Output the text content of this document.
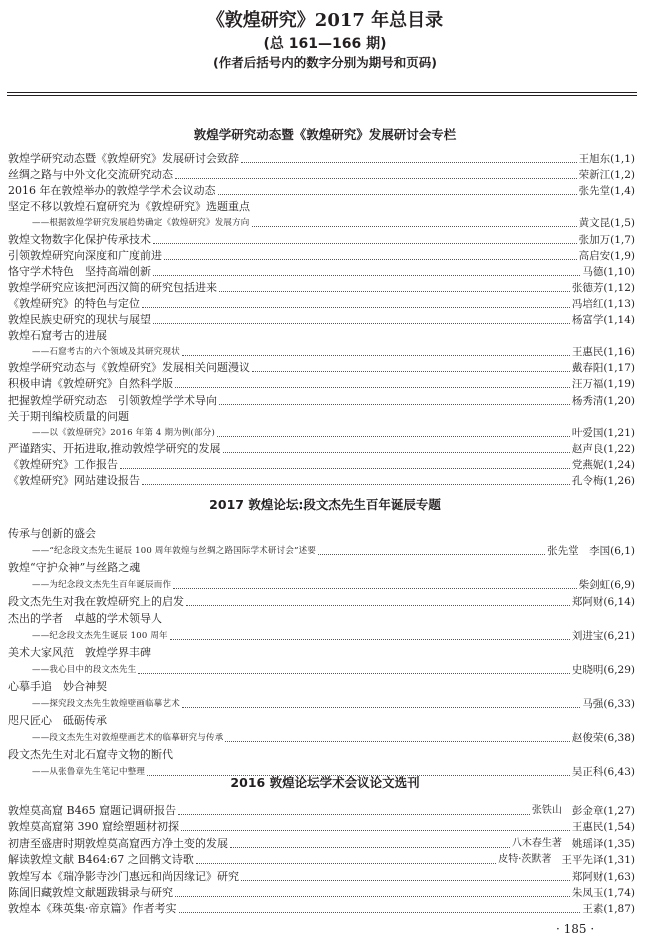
《敦煌研究》2017 年总目录
(总 161—166 期)
(作者后括号内的数字分别为期号和页码)
敦煌学研究动态暨《敦煌研究》发展研讨会专栏
敦煌学研究动态暨《敦煌研究》发展研讨会致辞	王旭东(1,1)
丝绸之路与中外文化交流研究动态	荣新江(1,2)
2016 年在敦煌举办的敦煌学学术会议动态	张先堂(1,4)
坚定不移以敦煌石窟研究为《敦煌研究》选题重点
——根据敦煌学研究发展趋势确定《敦煌研究》发展方向	黄文昆(1,5)
敦煌文物数字化保护传承技术	张加万(1,7)
引领敦煌研究向深度和广度前进	高启安(1,9)
恪守学术特色　坚持高端创新	马德(1,10)
敦煌学研究应该把河西汉简的研究包括进来	张德芳(1,12)
《敦煌研究》的特色与定位	冯培红(1,13)
敦煌民族史研究的现状与展望	杨富学(1,14)
敦煌石窟考古的进展
——石窟考古的六个领域及其研究现状	王惠民(1,16)
敦煌学研究动态与《敦煌研究》发展相关问题漫议	戴春阳(1,17)
积极申请《敦煌研究》自然科学版	汪万福(1,19)
把握敦煌学研究动态　引领敦煌学学术导向	杨秀清(1,20)
关于期刊编校质量的问题
——以《敦煌研究》2016 年第 4 期为例(部分)	叶爱国(1,21)
严谨踏实、开拓进取,推动敦煌学研究的发展	赵声良(1,22)
《敦煌研究》工作报告	党燕妮(1,24)
《敦煌研究》网站建设报告	孔令梅(1,26)
2017 敦煌论坛:段文杰先生百年诞辰专题
传承与创新的盛会
——“纪念段文杰先生诞辰 100 周年敦煌与丝绸之路国际学术研讨会”述要	张先堂　李国(6,1)
敦煌“守护众神”与丝路之魂
——为纪念段文杰先生百年诞辰而作	柴剑虹(6,9)
段文杰先生对我在敦煌研究上的启发	郑阿财(6,14)
杰出的学者　卓越的学术领导人
——纪念段文杰先生诞辰 100 周年	刘进宝(6,21)
美术大家风范　敦煌学界丰碑
——我心目中的段文杰先生	史晓明(6,29)
心摹手追　妙合神契
——探究段文杰先生敦煌壁画临摹艺术	马强(6,33)
咫尺匠心　砥砺传承
——段文杰先生对敦煌壁画艺术的临摹研究与传承	赵俊荣(6,38)
段文杰先生对北石窟寺文物的断代
——从张鲁章先生笔记中整理	吴正科(6,43)
2016 敦煌论坛学术会议论文选刊
敦煌莫高窟 B465 窟题记调研报告	张铁山 彭金章(1,27)
敦煌莫高窟第 390 窟绘塑题材初探	王惠民(1,54)
初唐至盛唐时期敦煌莫高窟西方净土变的发展	八木春生著 姚瑶译(1,35)
解读敦煌文献 B464:67 之回鹘文诗歌	皮特·茨默著 王平先译(1,31)
敦煌写本《瑞净影寺沙门惠远和尚因缘记》研究	郑阿财(1,63)
陈訚旧藏敦煌文献题跋辑录与研究	朱凤玉(1,74)
敦煌本《珠英集·帝京篇》作者考实	王素(1,87)
· 185 ·
